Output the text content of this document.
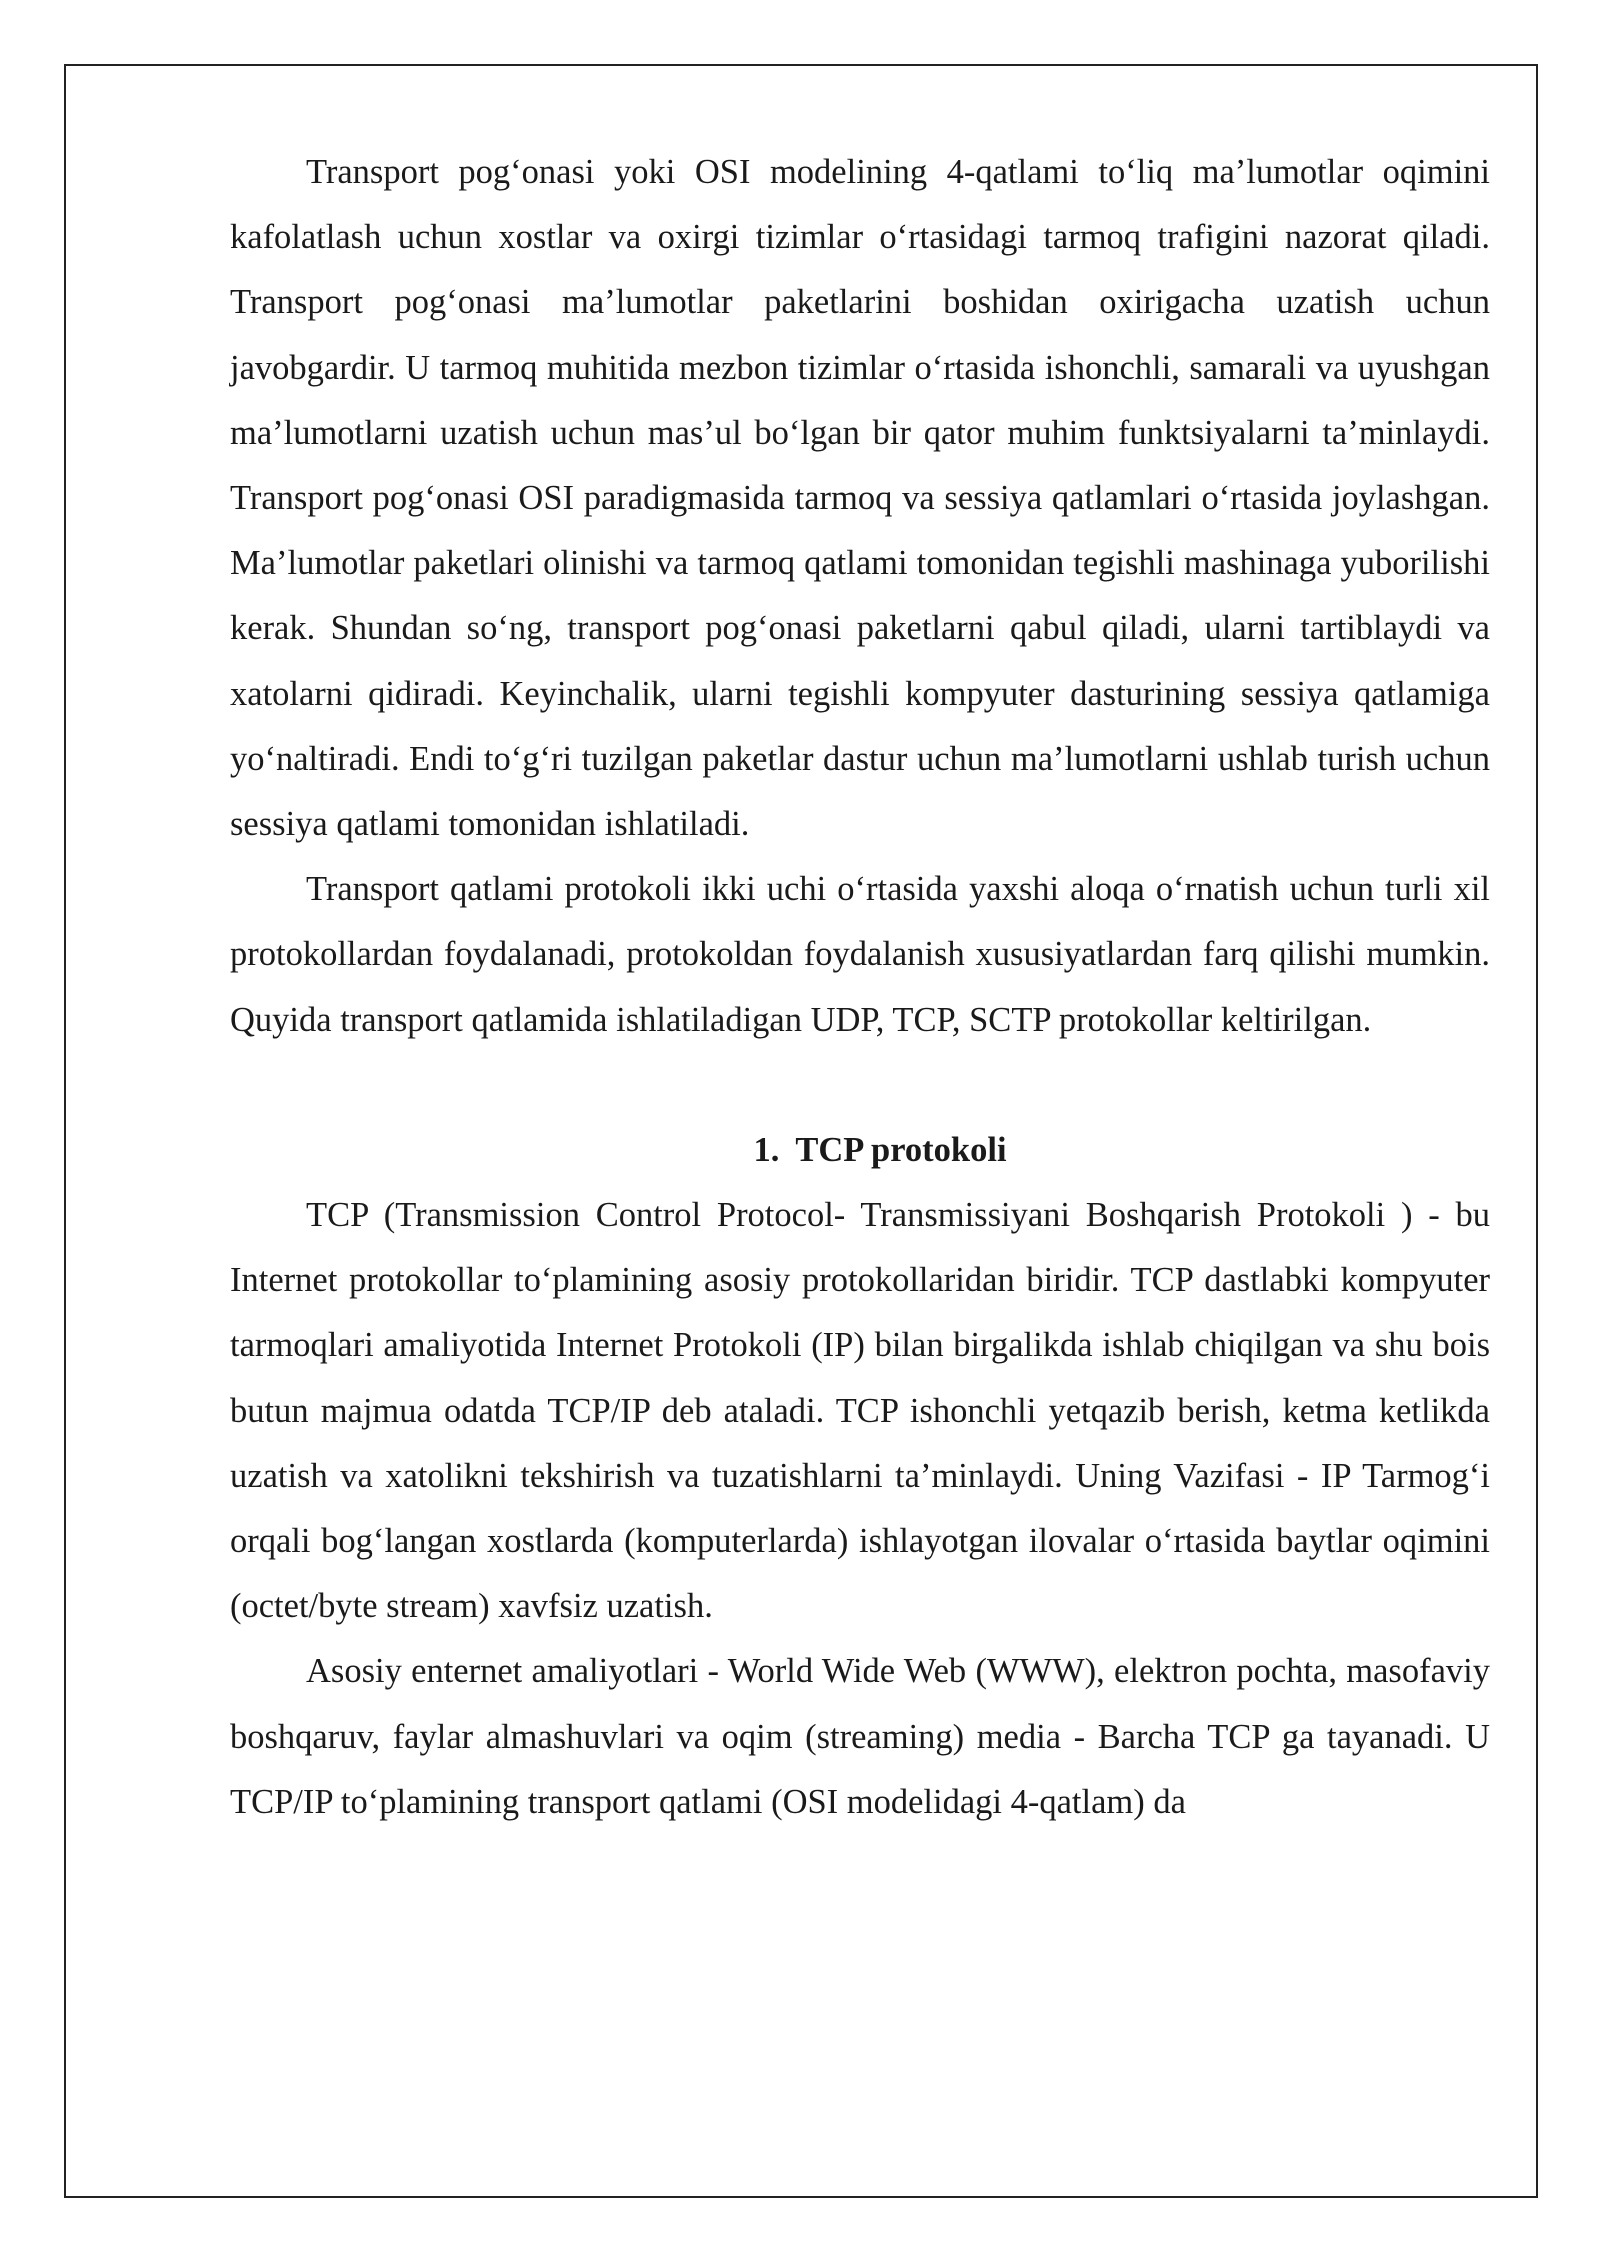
Transport pog‘onasi yoki OSI modelining 4-qatlami to‘liq ma’lumotlar oqimini kafolatlash uchun xostlar va oxirgi tizimlar o‘rtasidagi tarmoq trafigini nazorat qiladi. Transport pog‘onasi ma’lumotlar paketlarini boshidan oxirigacha uzatish uchun javobgardir. U tarmoq muhitida mezbon tizimlar o‘rtasida ishonchli, samarali va uyushgan ma’lumotlarni uzatish uchun mas’ul bo‘lgan bir qator muhim funktsiyalarni ta’minlaydi. Transport pog‘onasi OSI paradigmasida tarmoq va sessiya qatlamlari o‘rtasida joylashgan. Ma’lumotlar paketlari olinishi va tarmoq qatlami tomonidan tegishli mashinaga yuborilishi kerak. Shundan so‘ng, transport pog‘onasi paketlarni qabul qiladi, ularni tartiblaydi va xatolarni qidiradi. Keyinchalik, ularni tegishli kompyuter dasturining sessiya qatlamiga yo‘naltiradi. Endi to‘g‘ri tuzilgan paketlar dastur uchun ma’lumotlarni ushlab turish uchun sessiya qatlami tomonidan ishlatiladi.

Transport qatlami protokoli ikki uchi o‘rtasida yaxshi aloqa o‘rnatish uchun turli xil protokollardan foydalanadi, protokoldan foydalanish xususiyatlardan farq qilishi mumkin. Quyida transport qatlamida ishlatiladigan UDP, TCP, SCTP protokollar keltirilgan.

1. TCP protokoli

TCP (Transmission Control Protocol- Transmissiyani Boshqarish Protokoli ) - bu Internet protokollar to‘plamining asosiy protokollaridan biridir. TCP dastlabki kompyuter tarmoqlari amaliyotida Internet Protokoli (IP) bilan birgalikda ishlab chiqilgan va shu bois butun majmua odatda TCP/IP deb ataladi. TCP ishonchli yetqazib berish, ketma ketlikda uzatish va xatolikni tekshirish va tuzatishlarni ta’minlaydi. Uning Vazifasi - IP Tarmog‘i orqali bog‘langan xostlarda (komputerlarda) ishlayotgan ilovalar o‘rtasida baytlar oqimini (octet/byte stream) xavfsiz uzatish.

Asosiy enternet amaliyotlari - World Wide Web (WWW), elektron pochta, masofaviy boshqaruv, faylar almashuvlari va oqim (streaming) media - Barcha TCP ga tayanadi. U TCP/IP to‘plamining transport qatlami (OSI modelidagi 4-qatlam) da
